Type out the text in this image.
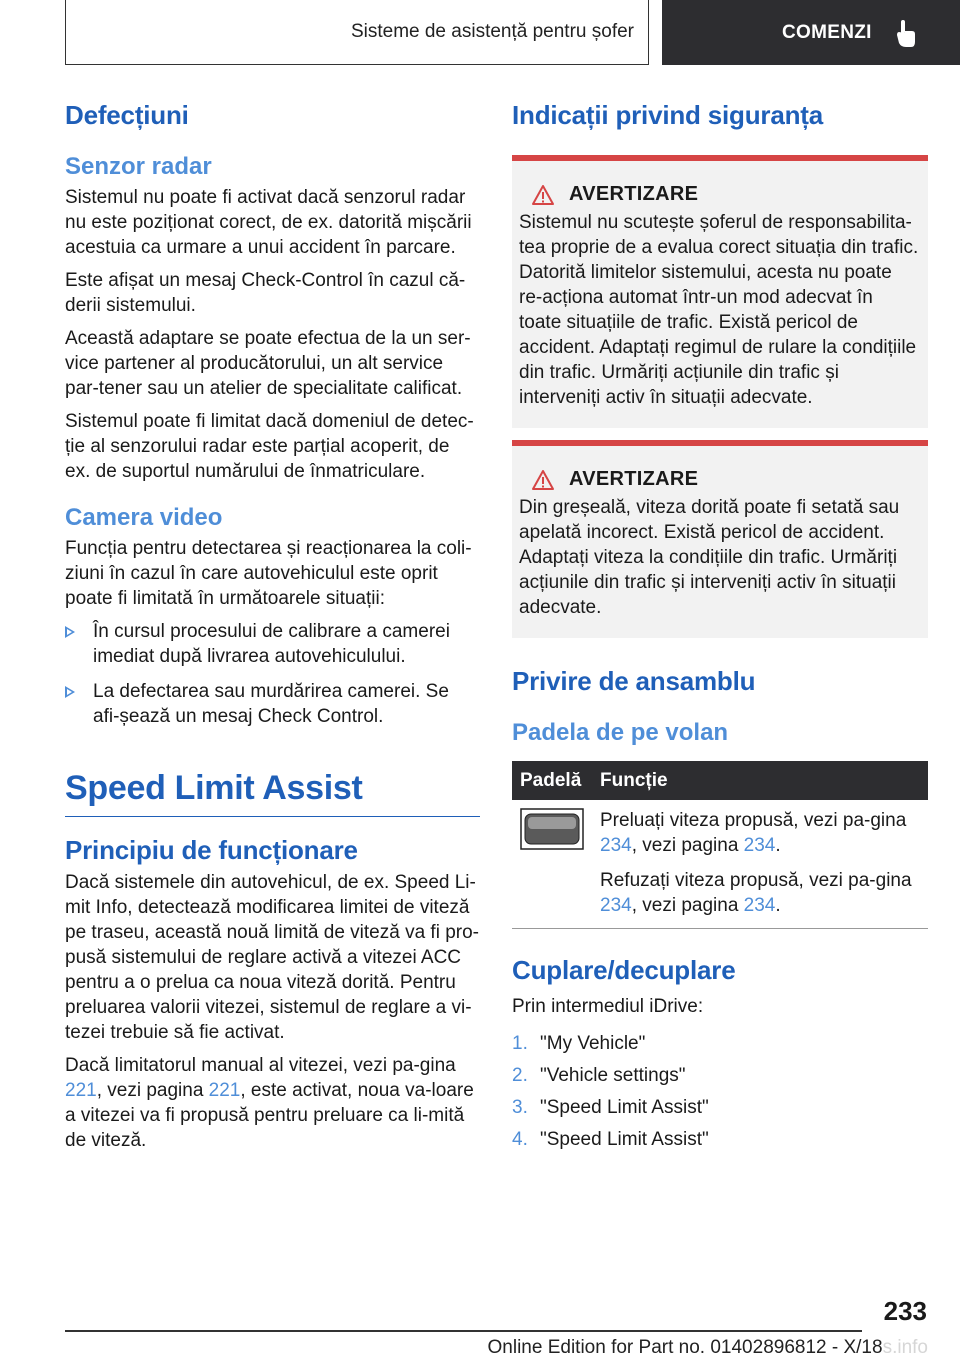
Sisteme de asistență pentru șofer	COMENZI
Defecțiuni
Senzor radar

Sistemul nu poate fi activat dacă senzorul radar nu este poziționat corect, de ex. datorită mișcării acestuia ca urmare a unui accident în parcare.

Este afișat un mesaj Check-Control în cazul că-derii sistemului.

Această adaptare se poate efectua de la un ser-vice partener al producătorului, un alt service par-tener sau un atelier de specialitate calificat.

Sistemul poate fi limitat dacă domeniul de detec-ție al senzorului radar este parțial acoperit, de ex. de suportul numărului de înmatriculare.

Camera video

Funcția pentru detectarea și reacționarea la coli-ziuni în cazul în care autovehiculul este oprit poate fi limitată în următoarele situații:

În cursul procesului de calibrare a camerei imediat după livrarea autovehiculului.
La defectarea sau murdărirea camerei. Se afi-șează un mesaj Check Control.
Speed Limit Assist
Principiu de funcționare

Dacă sistemele din autovehicul, de ex. Speed Li-mit Info, detectează modificarea limitei de viteză pe traseu, această nouă limită de viteză va fi pro-pusă sistemului de reglare activă a vitezei ACC pentru a o prelua ca noua viteză dorită. Pentru preluarea valorii vitezei, sistemul de reglare a vi-tezei trebuie să fie activat.

Dacă limitatorul manual al vitezei, vezi pa-gina 221, vezi pagina 221, este activat, noua va-loare a vitezei va fi propusă pentru preluare ca li-mită de viteză.

Indicații privind siguranța
AVERTIZARE

Sistemul nu scutește șoferul de responsabilita-tea proprie de a evalua corect situația din trafic. Datorită limitelor sistemului, acesta nu poate re-acționa automat într-un mod adecvat în toate situațiile de trafic. Există pericol de accident. Adaptați regimul de rulare la condițiile din trafic. Urmăriți acțiunile din trafic și interveniți activ în situații adecvate.

AVERTIZARE

Din greșeală, viteza dorită poate fi setată sau apelată incorect. Există pericol de accident. Adaptați viteza la condițiile din trafic. Urmăriți acțiunile din trafic și interveniți activ în situații adecvate.

Privire de ansamblu
Padela de pe volan
Padelă	Funcție

Preluați viteza propusă, vezi pa-gina 234, vezi pagina 234.

Refuzați viteza propusă, vezi pa-gina 234, vezi pagina 234.

Cuplare/decuplare

Prin intermediul iDrive:

1. "My Vehicle"
2. "Vehicle settings"
3. "Speed Limit Assist"
4. "Speed Limit Assist"
233
Online Edition for Part no. 01402896812 - X/18s.info
